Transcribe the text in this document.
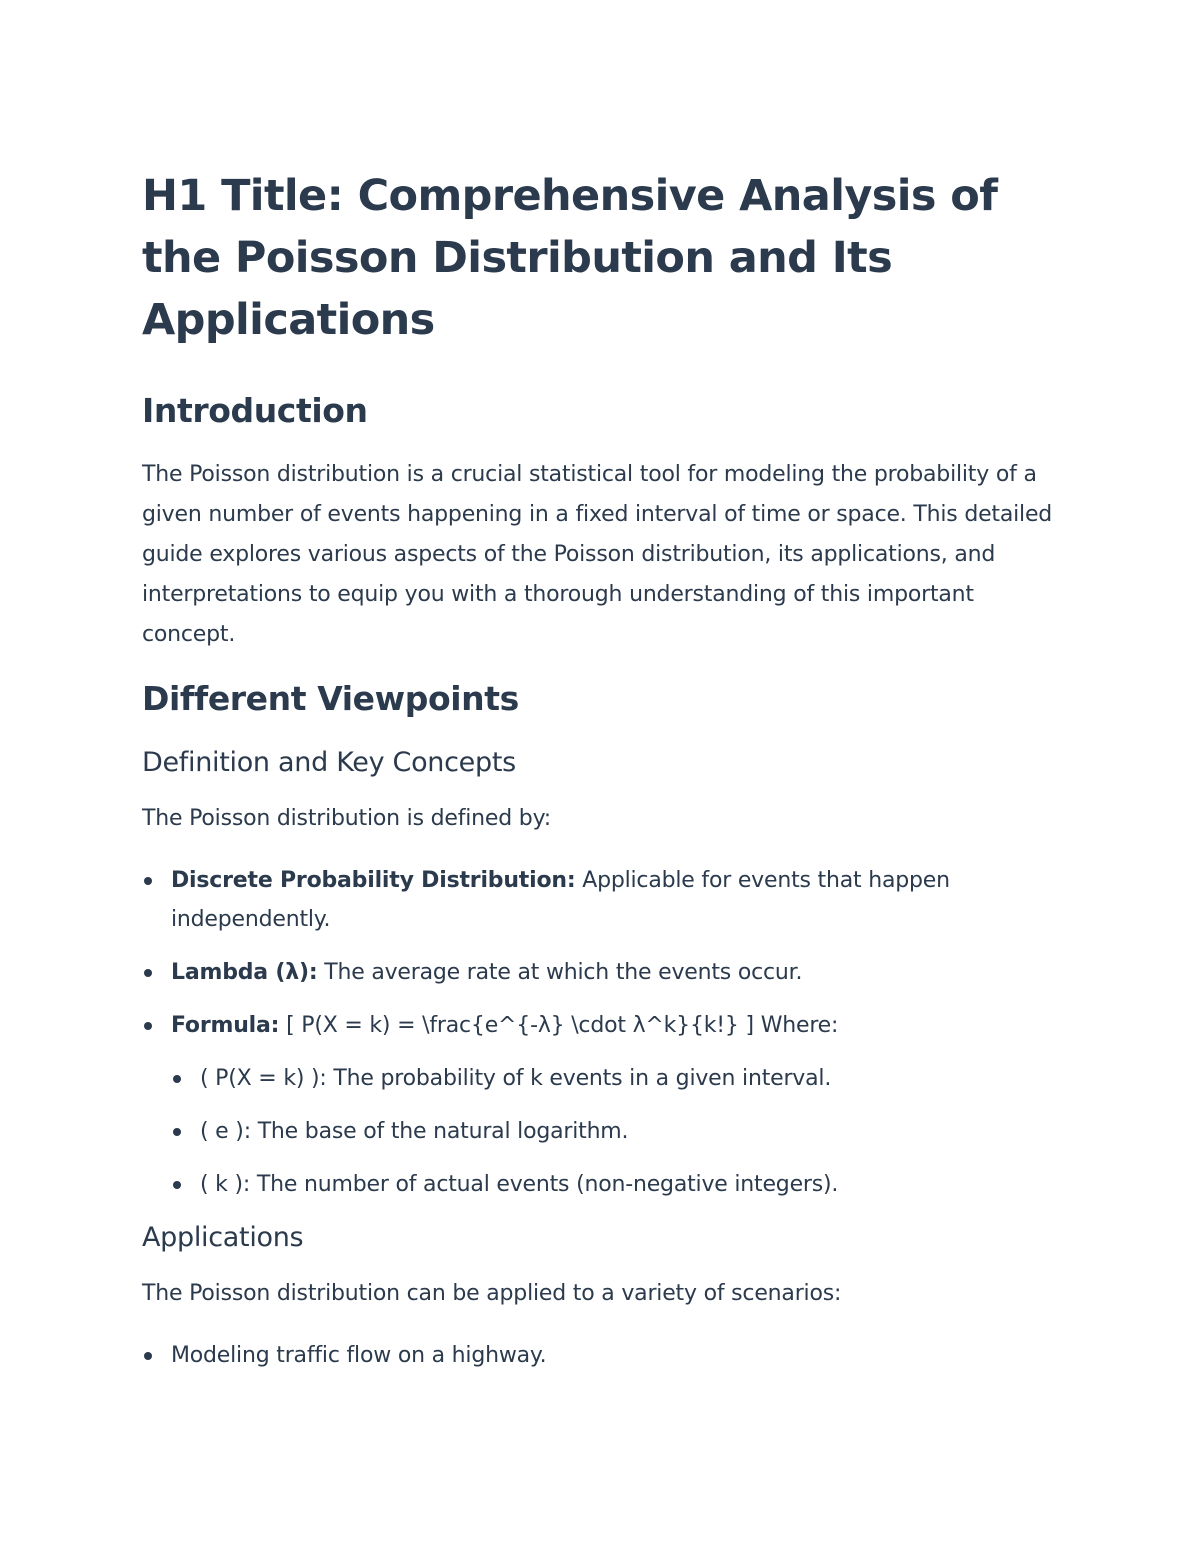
H1 Title: Comprehensive Analysis of the Poisson Distribution and Its Applications
Introduction

The Poisson distribution is a crucial statistical tool for modeling the probability of a given number of events happening in a fixed interval of time or space. This detailed guide explores various aspects of the Poisson distribution, its applications, and interpretations to equip you with a thorough understanding of this important concept.

Different Viewpoints
Definition and Key Concepts

The Poisson distribution is defined by:

Discrete Probability Distribution: Applicable for events that happen independently.
Lambda (λ): The average rate at which the events occur.
Formula: [ P(X = k) = \frac{e^{-λ} \cdot λ^k}{k!} ] Where:
( P(X = k) ): The probability of k events in a given interval.
( e ): The base of the natural logarithm.
( k ): The number of actual events (non-negative integers).
Applications

The Poisson distribution can be applied to a variety of scenarios:

Modeling traffic flow on a highway.
